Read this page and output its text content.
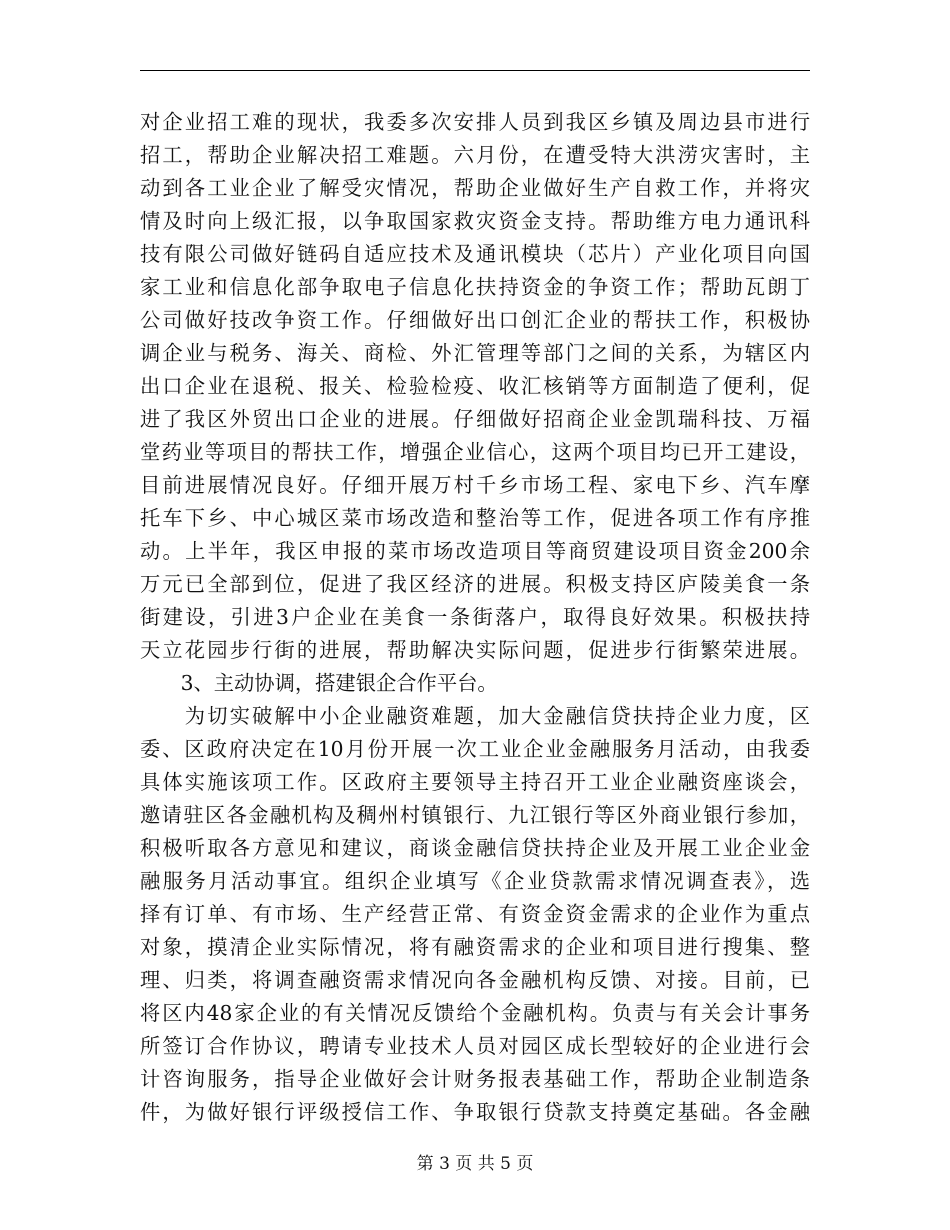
对企业招工难的现状，我委多次安排人员到我区乡镇及周边县市进行
招工，帮助企业解决招工难题。六月份，在遭受特大洪涝灾害时，主
动到各工业企业了解受灾情况，帮助企业做好生产自救工作，并将灾
情及时向上级汇报，以争取国家救灾资金支持。帮助维方电力通讯科
技有限公司做好链码自适应技术及通讯模块（芯片）产业化项目向国
家工业和信息化部争取电子信息化扶持资金的争资工作；帮助瓦朗丁
公司做好技改争资工作。仔细做好出口创汇企业的帮扶工作，积极协
调企业与税务、海关、商检、外汇管理等部门之间的关系，为辖区内
出口企业在退税、报关、检验检疫、收汇核销等方面制造了便利，促
进了我区外贸出口企业的进展。仔细做好招商企业金凯瑞科技、万福
堂药业等项目的帮扶工作，增强企业信心，这两个项目均已开工建设，
目前进展情况良好。仔细开展万村千乡市场工程、家电下乡、汽车摩
托车下乡、中心城区菜市场改造和整治等工作，促进各项工作有序推
动。上半年，我区申报的菜市场改造项目等商贸建设项目资金200余
万元已全部到位，促进了我区经济的进展。积极支持区庐陵美食一条
街建设，引进3户企业在美食一条街落户，取得良好效果。积极扶持
天立花园步行街的进展，帮助解决实际问题，促进步行街繁荣进展。
　　3、主动协调，搭建银企合作平台。
　　为切实破解中小企业融资难题，加大金融信贷扶持企业力度，区
委、区政府决定在10月份开展一次工业企业金融服务月活动，由我委
具体实施该项工作。区政府主要领导主持召开工业企业融资座谈会，
邀请驻区各金融机构及稠州村镇银行、九江银行等区外商业银行参加，
积极听取各方意见和建议，商谈金融信贷扶持企业及开展工业企业金
融服务月活动事宜。组织企业填写《企业贷款需求情况调查表》，选
择有订单、有市场、生产经营正常、有资金资金需求的企业作为重点
对象，摸清企业实际情况，将有融资需求的企业和项目进行搜集、整
理、归类，将调查融资需求情况向各金融机构反馈、对接。目前，已
将区内48家企业的有关情况反馈给个金融机构。负责与有关会计事务
所签订合作协议，聘请专业技术人员对园区成长型较好的企业进行会
计咨询服务，指导企业做好会计财务报表基础工作，帮助企业制造条
件，为做好银行评级授信工作、争取银行贷款支持奠定基础。各金融
第 3 页 共 5 页
